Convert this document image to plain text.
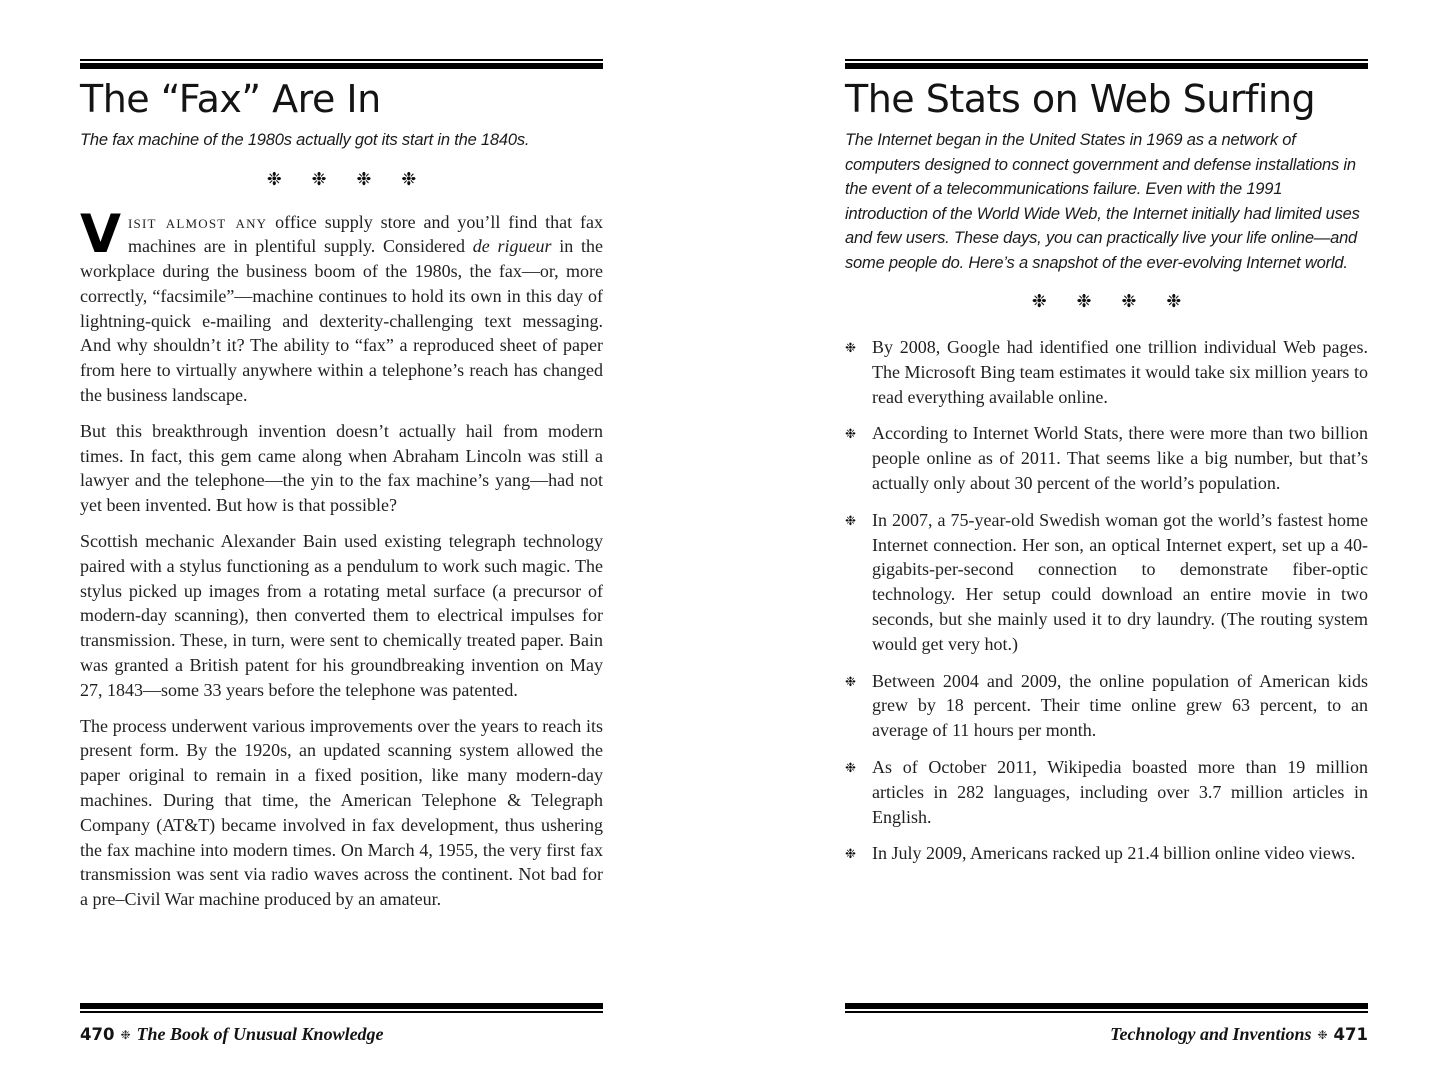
The “Fax” Are In

The fax machine of the 1980s actually got its start in the 1840s.

❉ ❉ ❉ ❉

Visit almost any office supply store and you’ll find that fax machines are in plentiful supply. Considered de rigueur in the workplace during the business boom of the 1980s, the fax—or, more correctly, “facsimile”—machine continues to hold its own in this day of lightning-quick e-mailing and dexterity-challenging text messaging. And why shouldn’t it? The ability to “fax” a reproduced sheet of paper from here to virtually anywhere within a telephone’s reach has changed the business landscape.

But this breakthrough invention doesn’t actually hail from modern times. In fact, this gem came along when Abraham Lincoln was still a lawyer and the telephone—the yin to the fax machine’s yang—had not yet been invented. But how is that possible?

Scottish mechanic Alexander Bain used existing telegraph technology paired with a stylus functioning as a pendulum to work such magic. The stylus picked up images from a rotating metal surface (a precursor of modern-day scanning), then converted them to electrical impulses for transmission. These, in turn, were sent to chemically treated paper. Bain was granted a British patent for his groundbreaking invention on May 27, 1843—some 33 years before the telephone was patented.

The process underwent various improvements over the years to reach its present form. By the 1920s, an updated scanning system allowed the paper original to remain in a fixed position, like many modern-day machines. During that time, the American Telephone & Telegraph Company (AT&T) became involved in fax development, thus ushering the fax machine into modern times. On March 4, 1955, the very first fax transmission was sent via radio waves across the continent. Not bad for a pre–Civil War machine produced by an amateur.

470 ❉ The Book of Unusual Knowledge
The Stats on Web Surfing

The Internet began in the United States in 1969 as a network of computers designed to connect government and defense installations in the event of a telecommunications failure. Even with the 1991 introduction of the World Wide Web, the Internet initially had limited uses and few users. These days, you can practically live your life online—and some people do. Here’s a snapshot of the ever-evolving Internet world.

❉ ❉ ❉ ❉
❉ By 2008, Google had identified one trillion individual Web pages. The Microsoft Bing team estimates it would take six million years to read everything available online.
❉ According to Internet World Stats, there were more than two billion people online as of 2011. That seems like a big number, but that’s actually only about 30 percent of the world’s population.
❉ In 2007, a 75-year-old Swedish woman got the world’s fastest home Internet connection. Her son, an optical Internet expert, set up a 40-gigabits-per-second connection to demonstrate fiber-optic technology. Her setup could download an entire movie in two seconds, but she mainly used it to dry laundry. (The routing system would get very hot.)
❉ Between 2004 and 2009, the online population of American kids grew by 18 percent. Their time online grew 63 percent, to an average of 11 hours per month.
❉ As of October 2011, Wikipedia boasted more than 19 million articles in 282 languages, including over 3.7 million articles in English.
❉ In July 2009, Americans racked up 21.4 billion online video views.
Technology and Inventions ❉ 471
